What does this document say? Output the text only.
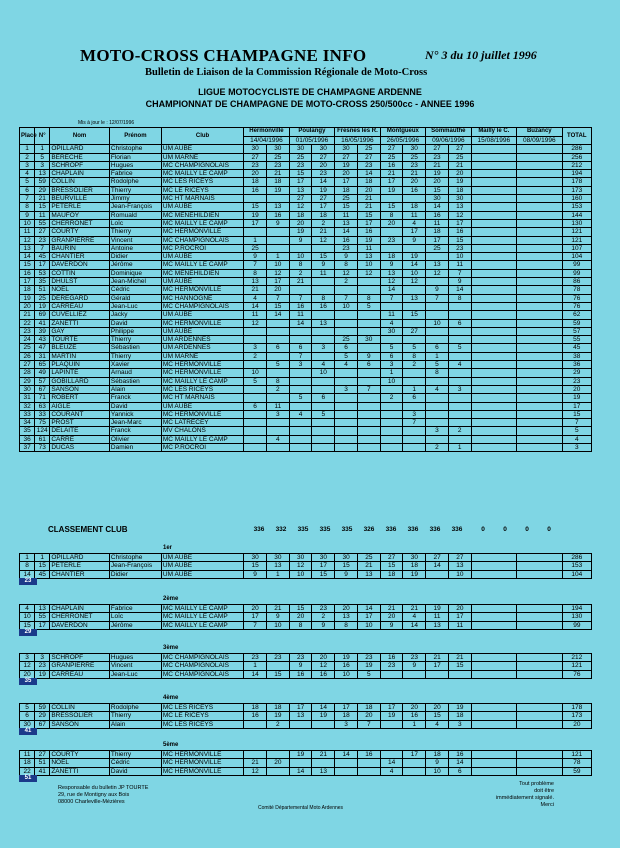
MOTO-CROSS CHAMPAGNE INFO	N° 3 du 10 juillet 1996
Bulletin de Liaison de la Commission Régionale de Moto-Cross
LIGUE MOTOCYCLISTE DE CHAMPAGNE ARDENNE
CHAMPIONNAT DE CHAMPAGNE DE MOTO-CROSS 250/500cc - ANNEE 1996
Mis à jour le : 12/07/1996
Place	N°	Nom	Prénom	Club	Hermonville		Poulangy		Fresnes les R.		Montgueux		Sommauthe		Mailly le C.	Buzancy	TOTAL
					14/04/1996		01/05/1996		16/05/1996		26/05/1996		09/06/1996		15/08/1996	08/09/1996	
1	1	OPILLARD	Christophe	UM AUBE	30	30	30	30	30	25	27	30	27	27			286
2	5	BERECHE	Florian	UM MARNE	27	25	25	27	27	27	25	25	23	25			256
3	3	SCHROPF	Hugues	MC CHAMPIGNOLAIS	23	23	23	20	19	23	16	23	21	21			212
4	13	CHAPLAIN	Fabrice	MC MAILLY LE CAMP	20	21	15	23	20	14	21	21	19	20			194
5	59	COLLIN	Rodolphe	MC LES RICEYS	18	18	17	14	17	18	17	20	20	19			178
6	29	BRESSOLIER	Thierry	MC LE RICEYS	16	19	13	19	18	20	19	16	15	18			173
7	21	BEURVILLE	Jimmy	MC HT MARNAIS			27	27	25	21			30	30			160
8	15	PETERLE	Jean-François	UM AUBE	15	13	12	17	15	21	15	18	14	13			153
9	11	MAUFOY	Romuald	MC MENEHILDIEN	19	16	18	18	11	15	8	11	16	12			144
10	55	CHERRONET	Loïc	MC MAILLY LE CAMP	17	9	20	2	13	17	20	4	11	17			130
11	27	COURTY	Thierry	MC HERMONVILLE			19	21	14	16		17	18	16			121
12	23	GRANPIERRE	Vincent	MC CHAMPIGNOLAIS	1		9	12	16	19	23	9	17	15			121
13	7	BAURIN	Antoine	MC P.ROCROI	25				23	11			25	23			107
14	45	CHANTIER	Didier	UM AUBE	9	1	10	15	9	13	18	19		10			104
15	17	DAVERDON	Jérôme	MC MAILLY LE CAMP	7	10	8	9	8	10	9	14	13	11			99
16	53	COTTIN	Dominique	MC MENEHILDIEN	8	12	2	11	12	12	13	10	12	7			99
17	35	DHULST	Jean-Michel	UM AUBE	13	17	21		2		12	12		9			86
18	51	NOEL	Cédric	MC HERMONVILLE	21	20					14		9	14			78
19	25	DEREGARD	Gérald	MC HANNOGNE	4	7	7	8	7	8	7	13	7	8			76
20	19	CARREAU	Jean-Luc	MC CHAMPIGNOLAIS	14	15	16	16	10	5							76
21	69	CUVELLIEZ	Jacky	UM AUBE	11	14	11				11	15					62
22	41	ZANETTI	David	MC HERMONVILLE	12		14	13			4		10	6			59
23	39	GAY	Philippe	UM AUBE							30	27					57
24	43	TOURTE	Thierry	UM ARDENNES					25	30							55
25	47	BLEUZE	Sébastien	UM ARDENNES	3	6	6	3	6		5	5	6	5			45
26	31	MARTIN	Thierry	UM MARNE	2		7		5	9	6	8	1				38
27	65	PLAQUIN	Xavier	MC HERMONVILLE		5	3	4	4	6	3	2	5	4			36
28	49	LAPINTE	Arnaud	MC HERMONVILLE	10			10			1		8				29
29	57	GOBILLARD	Sébastien	MC MAILLY LE CAMP	5	8					10						23
30	67	SANSON	Alain	MC LES RICEYS		2			3	7		1	4	3			20
31	71	ROBERT	Franck	MC HT MARNAIS			5	6			2	6					19
32	63	AIGLE	David	UM AUBE	6	11											17
33	33	COURANT	Yannick	MC HERMONVILLE		3	4	5				3					15
34	75	PROST	Jean-Marc	MC LATRECEY								7					7
35	124	DELAITE	Franck	MV CHALONS									3	2			5
36	61	CARRE	Olivier	MC MAILLY LE CAMP		4											4
37	73	DUCAS	Damien	MC P.ROCROI									2	1			3
CLASSEMENT CLUB	336 332 335 335 335 326 336 336 336 336	0	0	0	0
1er
1	1	OPILLARD	Christophe	UM AUBE	30	30	30	30	30	25	27	30	27	27			286
8	15	PETERLE	Jean-François	UM AUBE	15	13	12	17	15	21	15	18	14	13			153
14	45	CHANTIER	Didier	UM AUBE	9	1	10	15	9	13	18	19		10			104
23
2ème
4	13	CHAPLAIN	Fabrice	MC MAILLY LE CAMP	20	21	15	23	20	14	21	21	19	20			194
10	55	CHERRONET	Loïc	MC MAILLY LE CAMP	17	9	20	2	13	17	20	4	11	17			130
15	17	DAVERDON	Jérôme	MC MAILLY LE CAMP	7	10	8	9	8	10	9	14	13	11			99
29
3ème
3	3	SCHROPF	Hugues	MC CHAMPIGNOLAIS	23	23	23	20	19	23	16	23	21	21			212
12	23	GRANPIERRE	Vincent	MC CHAMPIGNOLAIS	1		9	12	16	19	23	9	17	15			121
20	19	CARREAU	Jean-Luc	MC CHAMPIGNOLAIS	14	15	16	16	10	5							76
35
4ème
5	59	COLLIN	Rodolphe	MC LES RICEYS	18	18	17	14	17	18	17	20	20	19			178
6	29	BRESSOLIER	Thierry	MC LE RICEYS	16	19	13	19	18	20	19	16	15	18			173
30	67	SANSON	Alain	MC LES RICEYS		2			3	7		1	4	3			20
41
5ème
11	27	COURTY	Thierry	MC HERMONVILLE			19	21	14	16		17	18	16			121
18	51	NOEL	Cédric	MC HERMONVILLE	21	20					14		9	14			78
22	41	ZANETTI	David	MC HERMONVILLE	12		14	13			4		10	6			59
51
Responsable du bulletin JP TOURTE
29, rue de Montigny aux Bois
08000 Charleville-Mézières
Comité Départemental Moto Ardennes
Tout problème
doit être
immédiatement signalé.
Merci
